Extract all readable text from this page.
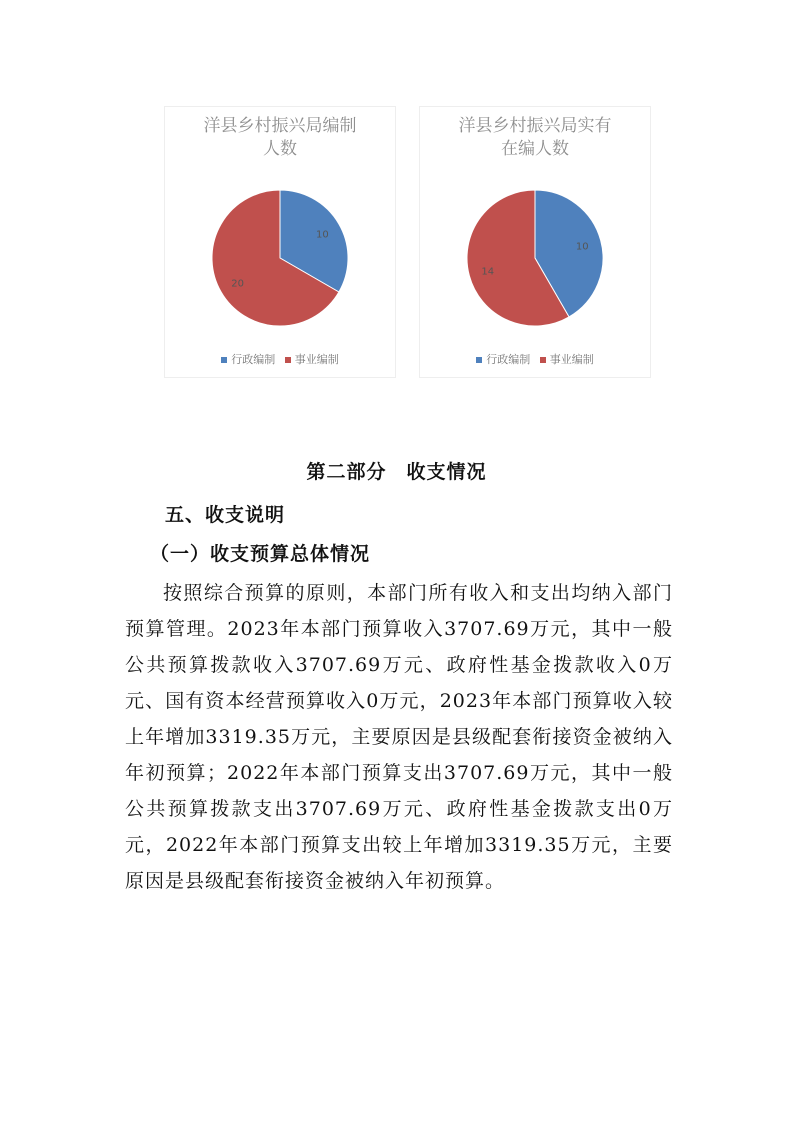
洋县乡村振兴局编制
人数
10
20
行政编制 事业编制
洋县乡村振兴局实有
在编人数
10
14
行政编制 事业编制
第二部分　收支情况
五、收支说明
（一）收支预算总体情况

按照综合预算的原则，本部门所有收入和支出均纳入部门预算管理。2023年本部门预算收入3707.69万元，其中一般公共预算拨款收入3707.69万元、政府性基金拨款收入0万元、国有资本经营预算收入0万元，2023年本部门预算收入较上年增加3319.35万元，主要原因是县级配套衔接资金被纳入年初预算；2022年本部门预算支出3707.69万元，其中一般公共预算拨款支出3707.69万元、政府性基金拨款支出0万元，2022年本部门预算支出较上年增加3319.35万元，主要原因是县级配套衔接资金被纳入年初预算。
